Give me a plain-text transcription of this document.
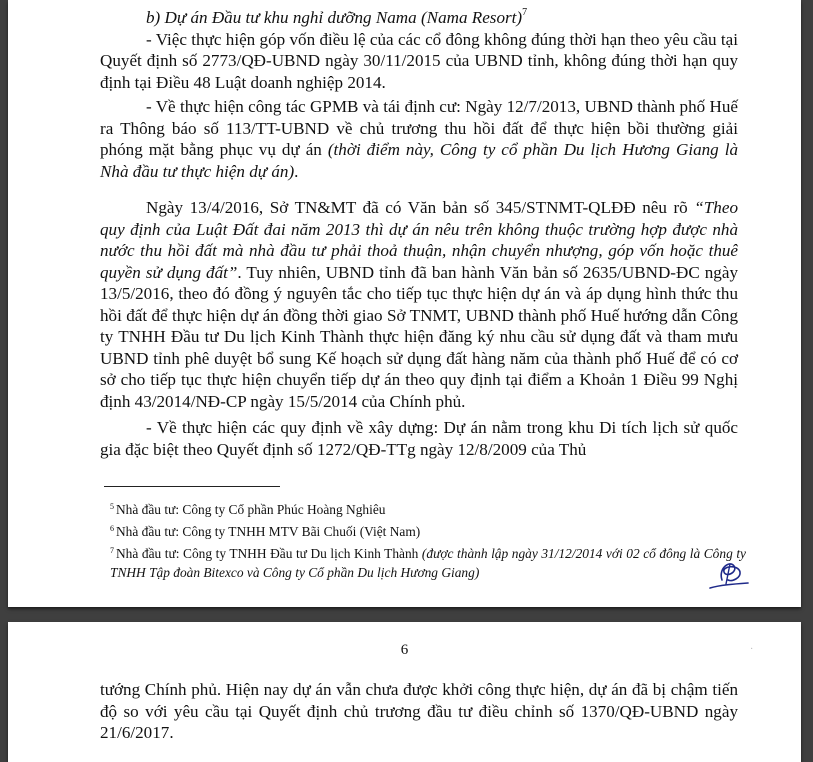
b) Dự án Đầu tư khu nghỉ dưỡng Nama (Nama Resort)$^7$

- Việc thực hiện góp vốn điều lệ của các cổ đông không đúng thời hạn theo yêu cầu tại Quyết định số 2773/QĐ-UBND ngày 30/11/2015 của UBND tỉnh, không đúng thời hạn quy định tại Điều 48 Luật doanh nghiệp 2014.

- Về thực hiện công tác GPMB và tái định cư: Ngày 12/7/2013, UBND thành phố Huế ra Thông báo số 113/TT-UBND về chủ trương thu hồi đất để thực hiện bồi thường giải phóng mặt bằng phục vụ dự án (thời điểm này, Công ty cổ phần Du lịch Hương Giang là Nhà đầu tư thực hiện dự án).

Ngày 13/4/2016, Sở TN&MT đã có Văn bản số 345/STNMT-QLĐĐ nêu rõ “Theo quy định của Luật Đất đai năm 2013 thì dự án nêu trên không thuộc trường hợp được nhà nước thu hồi đất mà nhà đầu tư phải thoả thuận, nhận chuyển nhượng, góp vốn hoặc thuê quyền sử dụng đất”. Tuy nhiên, UBND tỉnh đã ban hành Văn bản số 2635/UBND-ĐC ngày 13/5/2016, theo đó đồng ý nguyên tắc cho tiếp tục thực hiện dự án và áp dụng hình thức thu hồi đất để thực hiện dự án đồng thời giao Sở TNMT, UBND thành phố Huế hướng dẫn Công ty TNHH Đầu tư Du lịch Kinh Thành thực hiện đăng ký nhu cầu sử dụng đất và tham mưu UBND tỉnh phê duyệt bổ sung Kế hoạch sử dụng đất hàng năm của thành phố Huế để có cơ sở cho tiếp tục thực hiện chuyển tiếp dự án theo quy định tại điểm a Khoản 1 Điều 99 Nghị định 43/2014/NĐ-CP ngày 15/5/2014 của Chính phủ.

- Về thực hiện các quy định về xây dựng: Dự án nằm trong khu Di tích lịch sử quốc gia đặc biệt theo Quyết định số 1272/QĐ-TTg ngày 12/8/2009 của Thủ

$^5$ Nhà đầu tư: Công ty Cổ phần Phúc Hoàng Nghiêu

$^6$ Nhà đầu tư: Công ty TNHH MTV Bãi Chuối (Việt Nam)

$^7$ Nhà đầu tư: Công ty TNHH Đầu tư Du lịch Kinh Thành (được thành lập ngày 31/12/2014 với 02 cổ đông là Công ty TNHH Tập đoàn Bitexco và Công ty Cổ phần Du lịch Hương Giang)

6	·

tướng Chính phủ. Hiện nay dự án vẫn chưa được khởi công thực hiện, dự án đã bị chậm tiến độ so với yêu cầu tại Quyết định chủ trương đầu tư điều chỉnh số 1370/QĐ-UBND ngày 21/6/2017.
